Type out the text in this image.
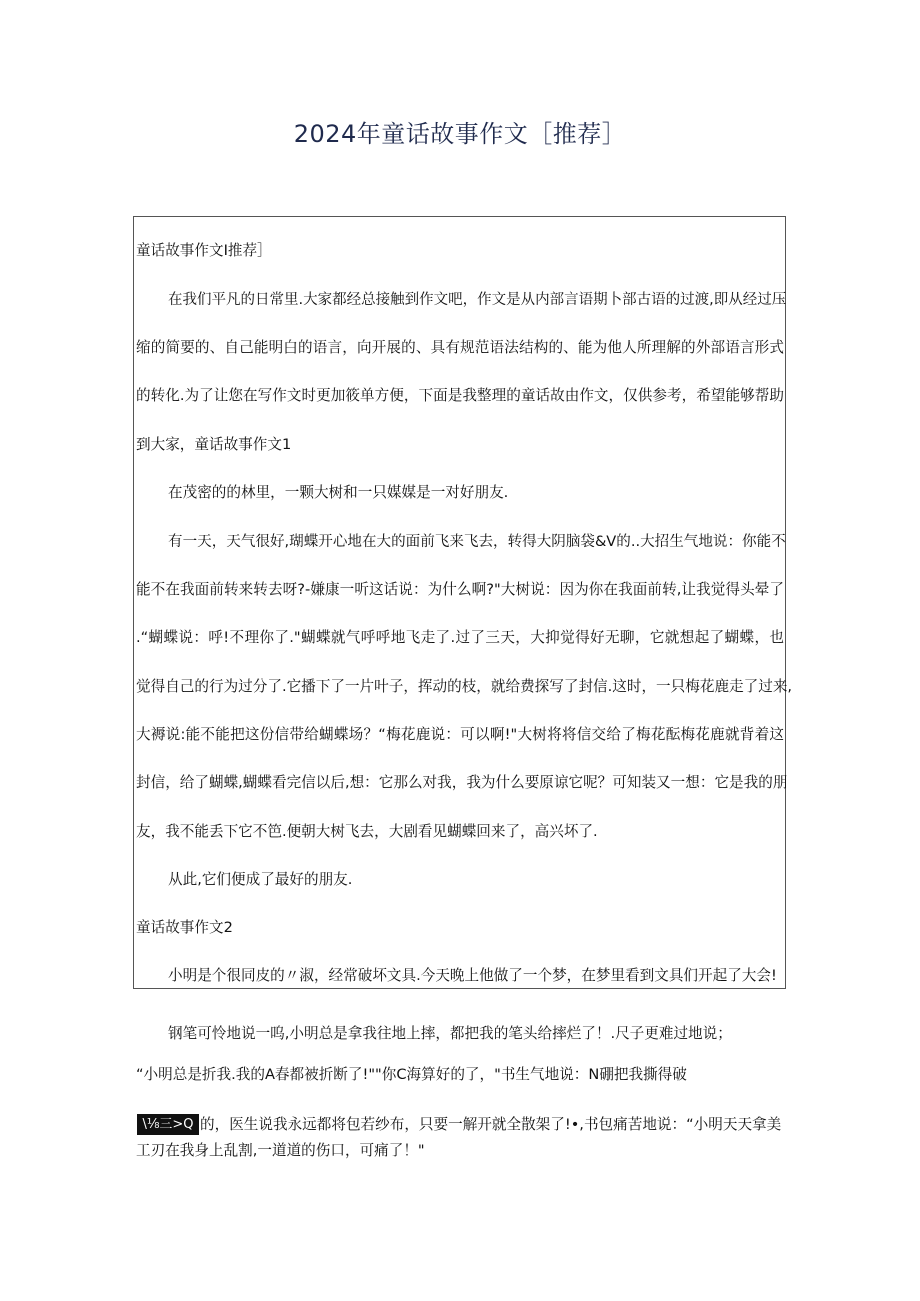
2024年童话故事作文［推荐］
童话故事作文I推荐］
在我们平凡的日常里.大家都经总接触到作文吧，作文是从内部言语期卜部古语的过渡,即从经过压
缩的简要的、自己能明白的语言，向开展的、具有规范语法结构的、能为他人所理解的外部语言形式
的转化.为了让您在写作文时更加筱单方便，下面是我整理的童话故由作文，仅供参考，希望能够帮助
到大家，童话故事作文1
在茂密的的林里，一颗大树和一只媒媒是一对好朋友.
有一天，天气很好,瑚蝶开心地在大的面前飞来飞去，转得大阴脑袋&V的..大招生气地说：你能不
能不在我面前转来转去呀?-嫌康一听这话说：为什么啊?"大树说：因为你在我面前转,让我觉得头晕了
.“蝴蝶说：呼!不理你了."蝴蝶就气呼呼地飞走了.过了三天，大抑觉得好无聊，它就想起了蝴蝶，也
觉得自己的行为过分了.它播下了一片叶子，挥动的枝，就给费探写了封信.这时，一只梅花鹿走了过来,
大褥说:能不能把这份信带给蝴蝶场？“梅花鹿说：可以啊!"大树将将信交给了梅花酝梅花鹿就背着这
封信，给了蝴蝶,蝴蝶看完信以后,想：它那么对我，我为什么要原谅它呢？可知装又一想：它是我的朋
友，我不能丢下它不笆.便朝大树飞去，大剧看见蝴蝶回来了，高兴坏了.
从此,它们便成了最好的朋友.
童话故事作文2
小明是个很同皮的〃淑，经常破坏文具.今天晚上他做了一个梦，在梦里看到文具们开起了大会!
钢笔可怜地说一呜,小明总是拿我往地上摔，都把我的笔头给摔烂了！.尺子更难过地说；
“小明总是折我.我的A春都被折断了!""你C海算好的了，"书生气地说：N硼把我撕得破
\⅛三>Q 的，医生说我永远都将包若纱布，只要一解开就全散架了!•,书包痛苦地说：“小明天天拿美
工刃在我身上乱割,一道道的伤口，可痛了！"
